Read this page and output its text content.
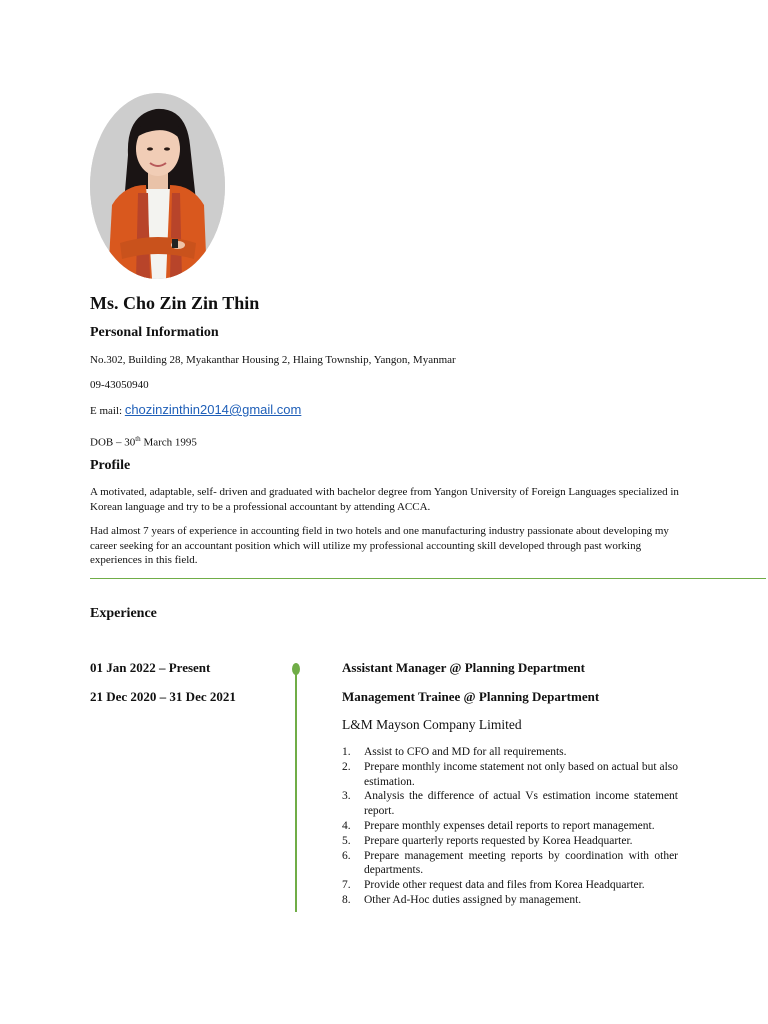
Ms. Cho Zin Zin Thin
Personal Information
No.302, Building 28, Myakanthar Housing 2, Hlaing Township, Yangon, Myanmar
09-43050940
E mail: chozinzinthin2014@gmail.com
DOB – 30th March 1995
Profile
A motivated, adaptable, self- driven and graduated with bachelor degree from Yangon University of Foreign Languages specialized in Korean language and try to be a professional accountant by attending ACCA.
Had almost 7 years of experience in accounting field in two hotels and one manufacturing industry passionate about developing my career seeking for an accountant position which will utilize my professional accounting skill developed through past working experiences in this field.
Experience
01 Jan 2022 – Present	Assistant Manager @ Planning Department
21 Dec 2020 – 31 Dec 2021	Management Trainee @ Planning Department
L&M Mayson Company Limited
1.	Assist to CFO and MD for all requirements.
2.	Prepare monthly income statement not only based on actual but also estimation.
3.	Analysis the difference of actual Vs estimation income statement report.
4.	Prepare monthly expenses detail reports to report management.
5.	Prepare quarterly reports requested by Korea Headquarter.
6.	Prepare management meeting reports by coordination with other departments.
7.	Provide other request data and files from Korea Headquarter.
8.	Other Ad-Hoc duties assigned by management.
